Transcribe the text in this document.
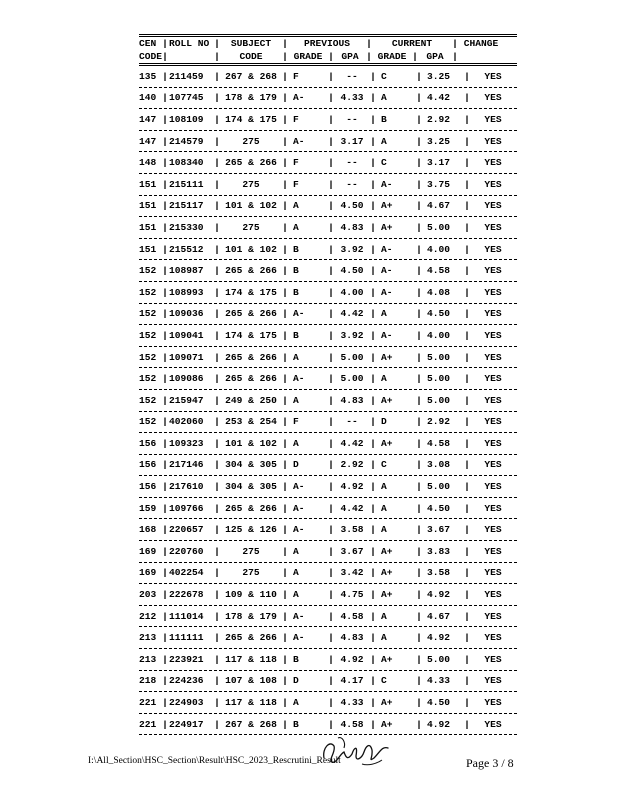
CEN | ROLL NO |	SUBJECT	|	PREVIOUS	|	CURRENT	| CHANGE
CODE |	|	CODE	| GRADE | GPA | GRADE | GPA |
135 | 211459	| 267 & 268 | F	|	--	| C	| 3.25	|	YES
140 | 107745	| 178 & 179 | A-	| 4.33 | A	| 4.42	|	YES
147 | 108109	| 174 & 175 | F	|	--	| B	| 2.92	|	YES
147 | 214579	|	275	| A-	| 3.17 | A	| 3.25	|	YES
148 | 108340	| 265 & 266 | F	|	--	| C	| 3.17	|	YES
151 | 215111	|	275	| F	|	--	| A-	| 3.75	|	YES
151 | 215117	| 101 & 102 | A	| 4.50 | A+	| 4.67	|	YES
151 | 215330	|	275	| A	| 4.83 | A+	| 5.00	|	YES
151 | 215512	| 101 & 102 | B	| 3.92 | A-	| 4.00	|	YES
152 | 108987	| 265 & 266 | B	| 4.50 | A-	| 4.58	|	YES
152 | 108993	| 174 & 175 | B	| 4.00 | A-	| 4.08	|	YES
152 | 109036	| 265 & 266 | A-	| 4.42 | A	| 4.50	|	YES
152 | 109041	| 174 & 175 | B	| 3.92 | A-	| 4.00	|	YES
152 | 109071	| 265 & 266 | A	| 5.00 | A+	| 5.00	|	YES
152 | 109086	| 265 & 266 | A-	| 5.00 | A	| 5.00	|	YES
152 | 215947	| 249 & 250 | A	| 4.83 | A+	| 5.00	|	YES
152 | 402060	| 253 & 254 | F	|	--	| D	| 2.92	|	YES
156 | 109323	| 101 & 102 | A	| 4.42 | A+	| 4.58	|	YES
156 | 217146	| 304 & 305 | D	| 2.92 | C	| 3.08	|	YES
156 | 217610	| 304 & 305 | A-	| 4.92 | A	| 5.00	|	YES
159 | 109766	| 265 & 266 | A-	| 4.42 | A	| 4.50	|	YES
168 | 220657	| 125 & 126 | A-	| 3.58 | A	| 3.67	|	YES
169 | 220760	|	275	| A	| 3.67 | A+	| 3.83	|	YES
169 | 402254	|	275	| A	| 3.42 | A+	| 3.58	|	YES
203 | 222678	| 109 & 110 | A	| 4.75 | A+	| 4.92	|	YES
212 | 111014	| 178 & 179 | A-	| 4.58 | A	| 4.67	|	YES
213 | 111111	| 265 & 266 | A-	| 4.83 | A	| 4.92	|	YES
213 | 223921	| 117 & 118 | B	| 4.92 | A+	| 5.00	|	YES
218 | 224236	| 107 & 108 | D	| 4.17 | C	| 4.33	|	YES
221 | 224903	| 117 & 118 | A	| 4.33 | A+	| 4.50	|	YES
221 | 224917	| 267 & 268 | B	| 4.58 | A+	| 4.92	|	YES
I:\All_Section\HSC_Section\Result\HSC_2023_Rescrutini_Result	Page 3 / 8
